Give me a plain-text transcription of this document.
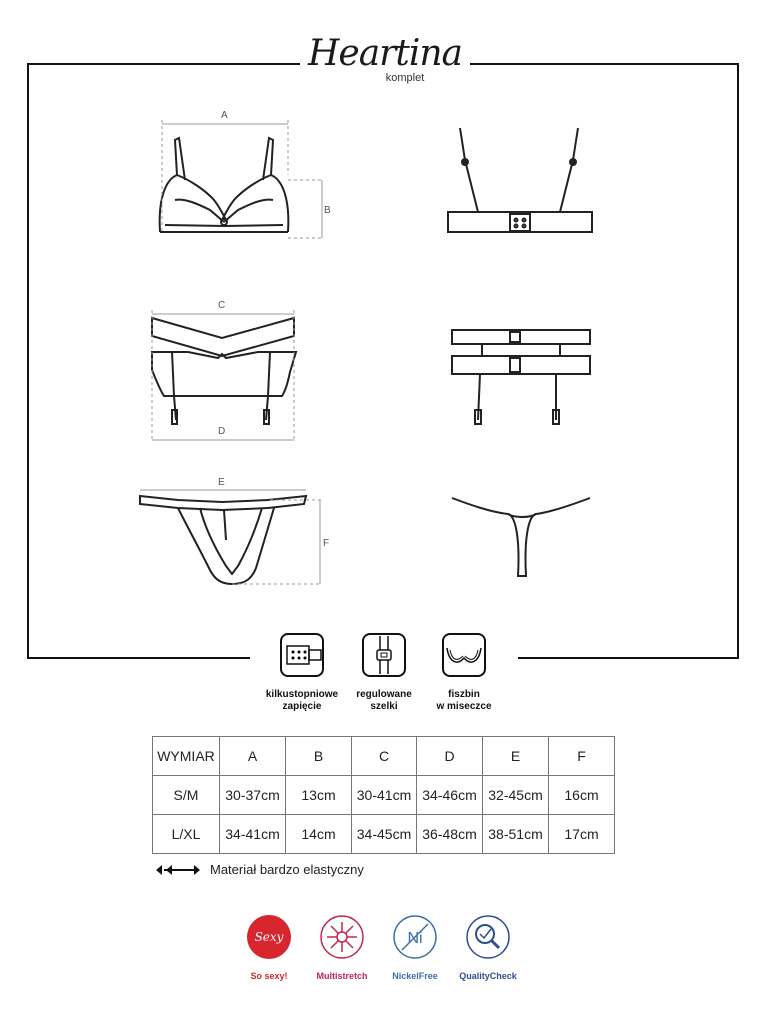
A
B
C
D
E
F
Heartina
komplet
kilkustopniowe
zapięcie
regulowane
szelki
fiszbin
w miseczce
WYMIAR	A	B	C	D	E	F
S/M	30-37cm	13cm	30-41cm	34-46cm	32-45cm	16cm
L/XL	34-41cm	14cm	34-45cm	36-48cm	38-51cm	17cm
Materiał bardzo elastyczny
Sexy
So sexy!	Multistretch
Ni
NickelFree	QualityCheck
